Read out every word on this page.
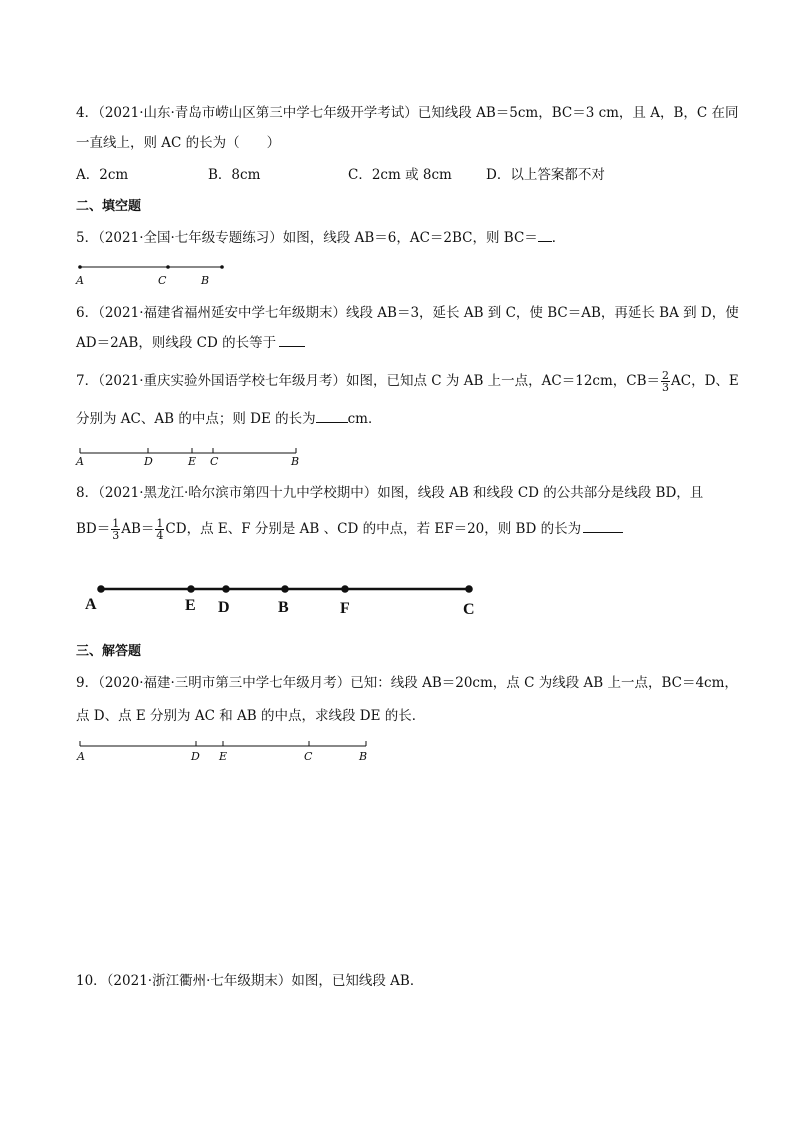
4．（2021·山东·青岛市崂山区第三中学七年级开学考试）已知线段 AB＝5cm，BC＝3 cm，且 A，B，C 在同
一直线上，则 AC 的长为（　　）
A．2cm	B．8cm	C．2cm 或 8cm	D．以上答案都不对
二、填空题
5．（2021·全国·七年级专题练习）如图，线段 AB＝6，AC＝2BC，则 BC＝ ．
6．（2021·福建省福州延安中学七年级期末）线段 AB＝3，延长 AB 到 C，使 BC＝AB，再延长 BA 到 D，使
AD＝2AB，则线段 CD 的长等于
7．（2021·重庆实验外国语学校七年级月考）如图，已知点 C 为 AB 上一点，AC＝12cm，$CB= \frac{2}{3}$ AC，D、E
分别为 AC、AB 的中点；则 DE 的长为 cm．
8．（2021·黑龙江·哈尔滨市第四十九中学校期中）如图，线段 AB 和线段 CD 的公共部分是线段 BD，且
$BD= \frac{1}{3} AB= \frac{1}{4}$ CD，点 E、F 分别是 AB 、CD 的中点，若 EF＝20，则 BD 的长为
三、解答题
9．（2020·福建·三明市第三中学七年级月考）已知：线段 AB＝20cm，点 C 为线段 AB 上一点，BC＝4cm，
点 D、点 E 分别为 AC 和 AB 的中点，求线段 DE 的长．
10．（2021·浙江衢州·七年级期末）如图，已知线段 AB．
A	C	B
A	D	E C	B
A	E D	B	F	C
A	D E	C	B
